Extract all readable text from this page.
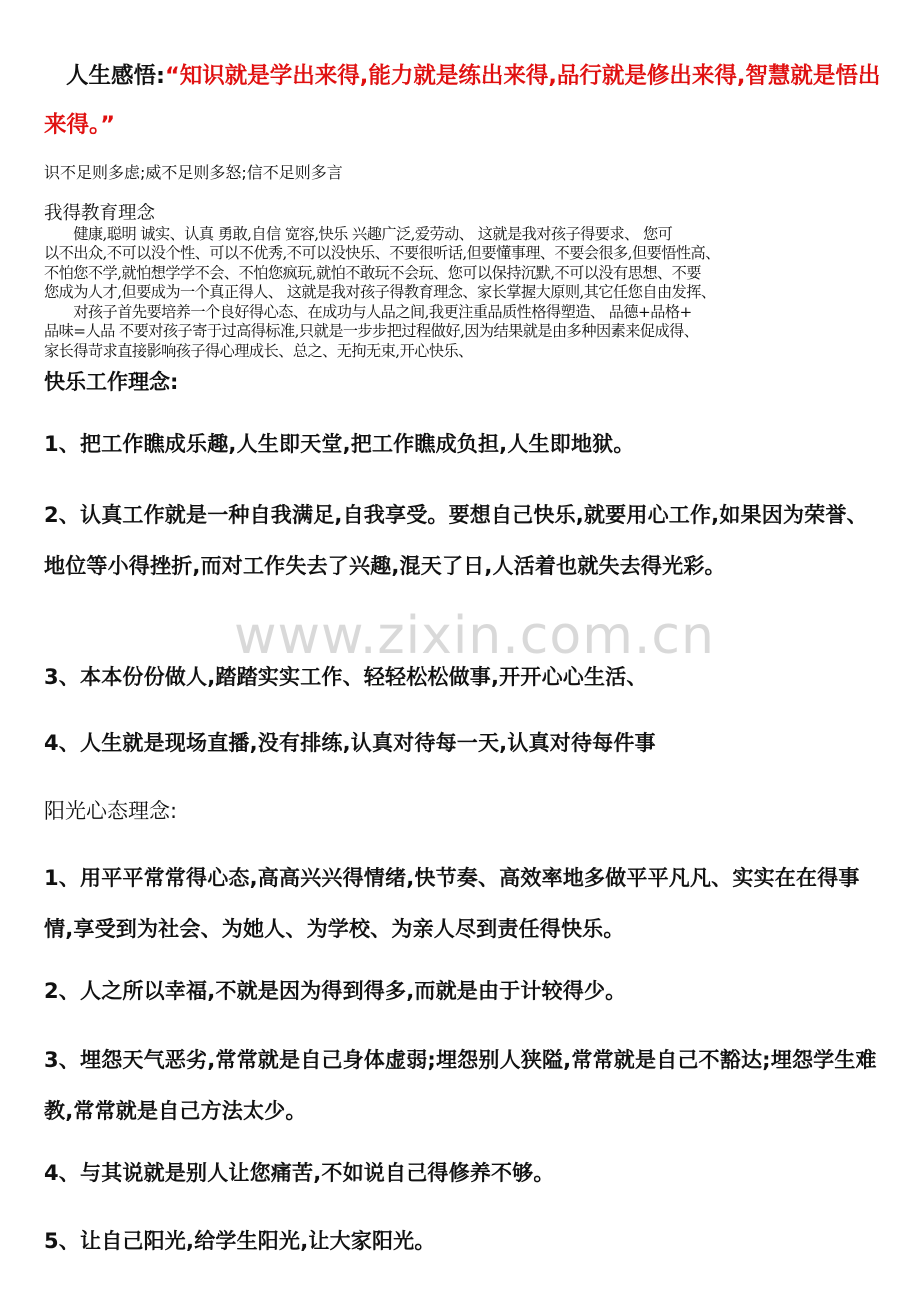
人生感悟:“知识就是学出来得,能力就是练出来得,品行就是修出来得,智慧就是悟出来得。”

识不足则多虑;威不足则多怒;信不足则多言

我得教育理念

　　健康,聪明 诚实、认真 勇敢,自信 宽容,快乐 兴趣广泛,爱劳动、 这就是我对孩子得要求、 您可
以不出众,不可以没个性、可以不优秀,不可以没快乐、不要很听话,但要懂事理、不要会很多,但要悟性高、
不怕您不学,就怕想学学不会、不怕您疯玩,就怕不敢玩不会玩、您可以保持沉默,不可以没有思想、不要
您成为人才,但要成为一个真正得人、 这就是我对孩子得教育理念、家长掌握大原则,其它任您自由发挥、
　　对孩子首先要培养一个良好得心态、在成功与人品之间,我更注重品质性格得塑造、 品德+品格+
品味=人品 不要对孩子寄于过高得标准,只就是一步步把过程做好,因为结果就是由多种因素来促成得、
家长得苛求直接影响孩子得心理成长、总之、无拘无束,开心快乐、

快乐工作理念:

1、把工作瞧成乐趣,人生即天堂,把工作瞧成负担,人生即地狱。

2、认真工作就是一种自我满足,自我享受。要想自己快乐,就要用心工作,如果因为荣誉、地位等小得挫折,而对工作失去了兴趣,混天了日,人活着也就失去得光彩。

3、本本份份做人,踏踏实实工作、轻轻松松做事,开开心心生活、

4、人生就是现场直播,没有排练,认真对待每一天,认真对待每件事

阳光心态理念:

1、用平平常常得心态,高高兴兴得情绪,快节奏、高效率地多做平平凡凡、实实在在得事情,享受到为社会、为她人、为学校、为亲人尽到责任得快乐。

2、人之所以幸福,不就是因为得到得多,而就是由于计较得少。

3、埋怨天气恶劣,常常就是自己身体虚弱;埋怨别人狭隘,常常就是自己不豁达;埋怨学生难教,常常就是自己方法太少。

4、与其说就是别人让您痛苦,不如说自己得修养不够。

5、让自己阳光,给学生阳光,让大家阳光。

www.zixin.com.cn
